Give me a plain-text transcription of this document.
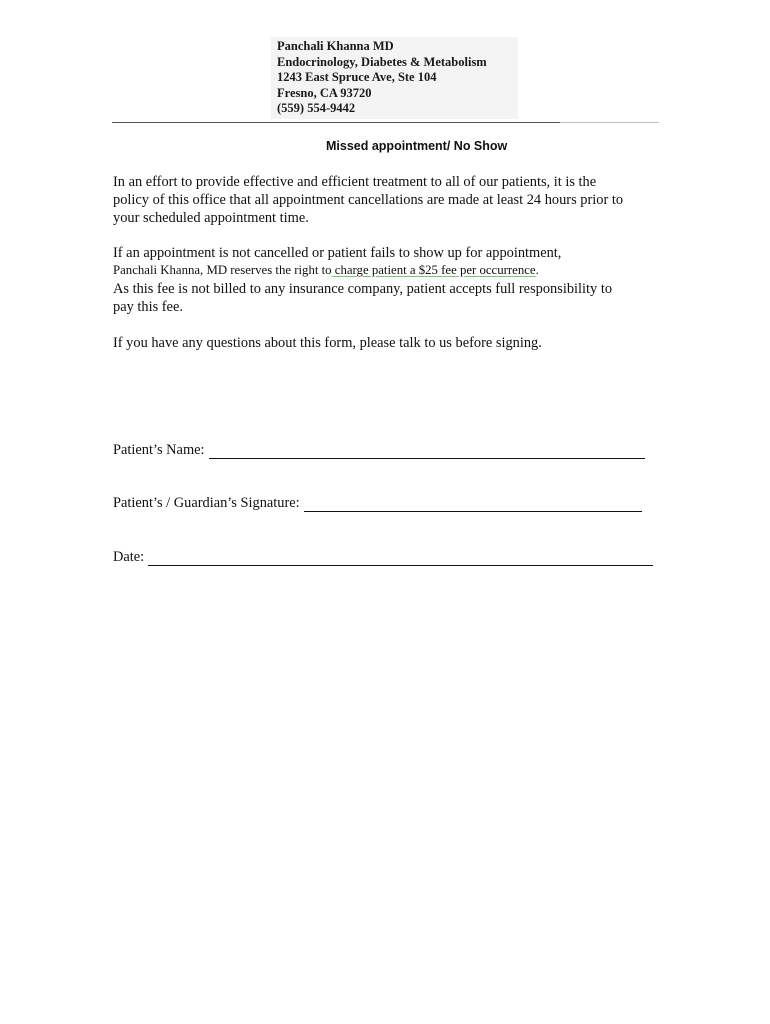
Panchali Khanna MD
Endocrinology, Diabetes & Metabolism
1243 East Spruce Ave, Ste 104
Fresno, CA 93720
(559) 554-9442
Missed appointment/ No Show
In an effort to provide effective and efficient treatment to all of our patients, it is the
policy of this office that all appointment cancellations are made at least 24 hours prior to
your scheduled appointment time.
If an appointment is not cancelled or patient fails to show up for appointment,
Panchali Khanna, MD reserves the right to charge patient a $25 fee per occurrence.
As this fee is not billed to any insurance company, patient accepts full responsibility to
pay this fee.
If you have any questions about this form, please talk to us before signing.
Patient’s Name:
Patient’s / Guardian’s Signature:
Date:
